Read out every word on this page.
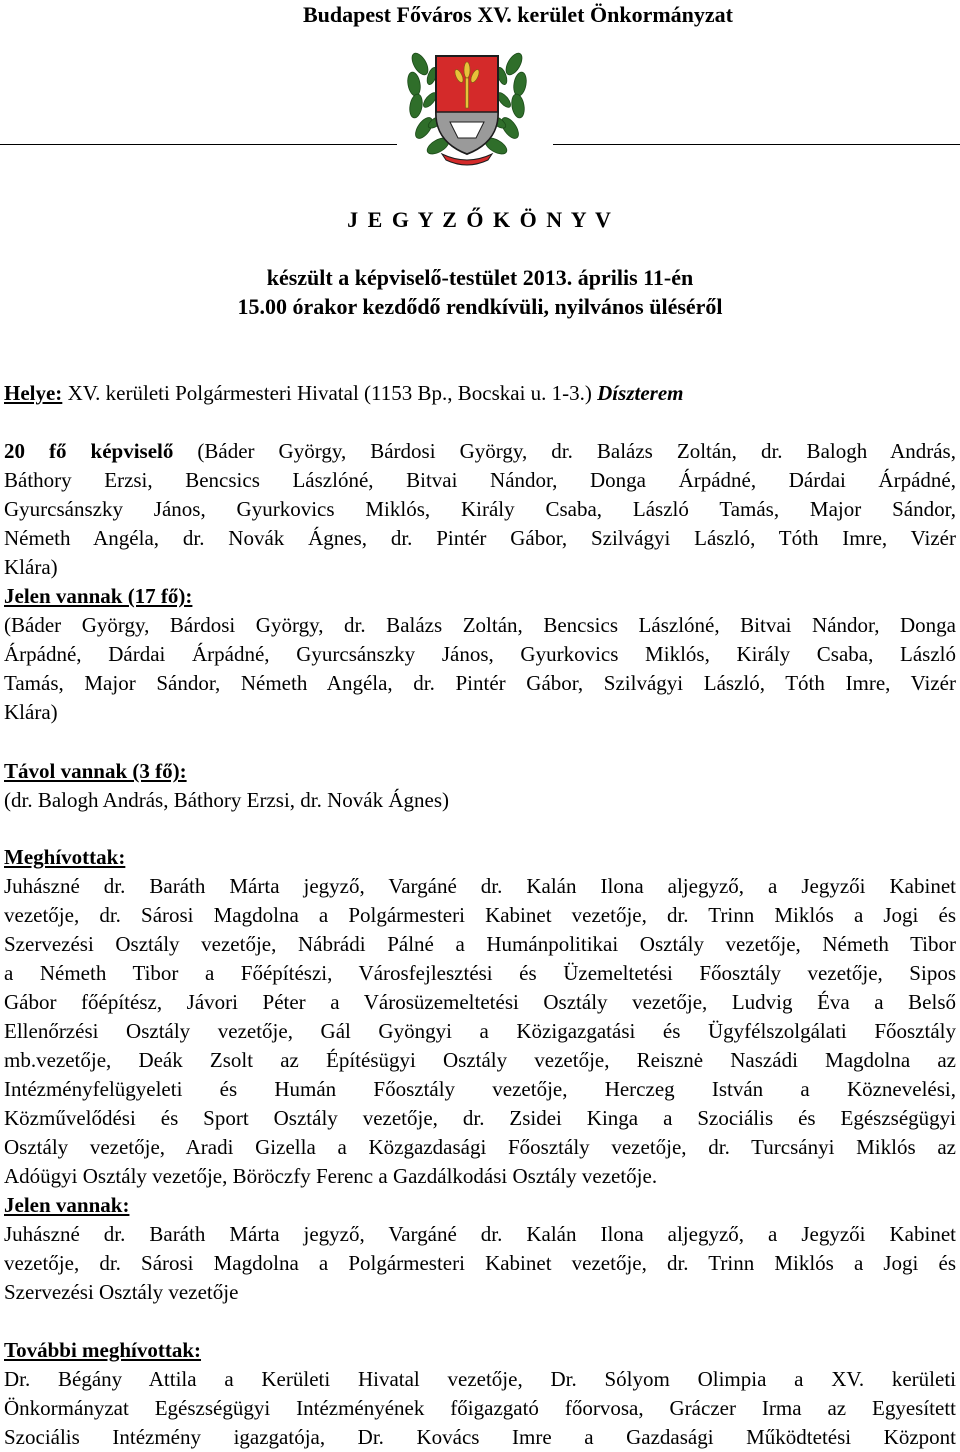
Budapest Főváros XV. kerület Önkormányzat
J E G Y Z Ő K Ö N Y V
készült a képviselő-testület 2013. április 11-én
15.00 órakor kezdődő rendkívüli, nyilvános üléséről
Helye: XV. kerületi Polgármesteri Hivatal (1153 Bp., Bocskai u. 1-3.) Díszterem
20 fő képviselő (Báder György, Bárdosi György, dr. Balázs Zoltán, dr. Balogh András,
Báthory Erzsi, Bencsics Lászlóné, Bitvai Nándor, Donga Árpádné, Dárdai Árpádné,
Gyurcsánszky János, Gyurkovics Miklós, Király Csaba, László Tamás, Major Sándor,
Németh Angéla, dr. Novák Ágnes, dr. Pintér Gábor, Szilvágyi László, Tóth Imre, Vizér
Klára)
Jelen vannak (17 fő):
(Báder György, Bárdosi György, dr. Balázs Zoltán, Bencsics Lászlóné, Bitvai Nándor, Donga
Árpádné, Dárdai Árpádné, Gyurcsánszky János, Gyurkovics Miklós, Király Csaba, László
Tamás, Major Sándor, Németh Angéla, dr. Pintér Gábor, Szilvágyi László, Tóth Imre, Vizér
Klára)
Távol vannak (3 fő):
(dr. Balogh András, Báthory Erzsi, dr. Novák Ágnes)
Meghívottak:
Juhászné dr. Baráth Márta jegyző, Vargáné dr. Kalán Ilona aljegyző, a Jegyzői Kabinet
vezetője, dr. Sárosi Magdolna a Polgármesteri Kabinet vezetője, dr. Trinn Miklós a Jogi és
Szervezési Osztály vezetője, Nábrádi Pálné a Humánpolitikai Osztály vezetője, Németh Tibor
a Németh Tibor a Főépítészi, Városfejlesztési és Üzemeltetési Főosztály vezetője, Sipos
Gábor főépítész, Jávori Péter a Városüzemeltetési Osztály vezetője, Ludvig Éva a Belső
Ellenőrzési Osztály vezetője, Gál Gyöngyi a Közigazgatási és Ügyfélszolgálati Főosztály
mb.vezetője, Deák Zsolt az Építésügyi Osztály vezetője, Reisznė Naszádi Magdolna az
Intézményfelügyeleti és Humán Főosztály vezetője, Herczeg István a Köznevelési,
Közművelődési és Sport Osztály vezetője, dr. Zsidei Kinga a Szociális és Egészségügyi
Osztály vezetője, Aradi Gizella a Közgazdasági Főosztály vezetője, dr. Turcsányi Miklós az
Adóügyi Osztály vezetője, Böröczfy Ferenc a Gazdálkodási Osztály vezetője.
Jelen vannak:
Juhászné dr. Baráth Márta jegyző, Vargáné dr. Kalán Ilona aljegyző, a Jegyzői Kabinet
vezetője, dr. Sárosi Magdolna a Polgármesteri Kabinet vezetője, dr. Trinn Miklós a Jogi és
Szervezési Osztály vezetője
További meghívottak:
Dr. Bégány Attila a Kerületi Hivatal vezetője, Dr. Sólyom Olimpia a XV. kerületi
Önkormányzat Egészségügyi Intézményének főigazgató főorvosa, Gráczer Irma az Egyesített
Szociális Intézmény igazgatója, Dr. Kovács Imre a Gazdasági Működtetési Központ
